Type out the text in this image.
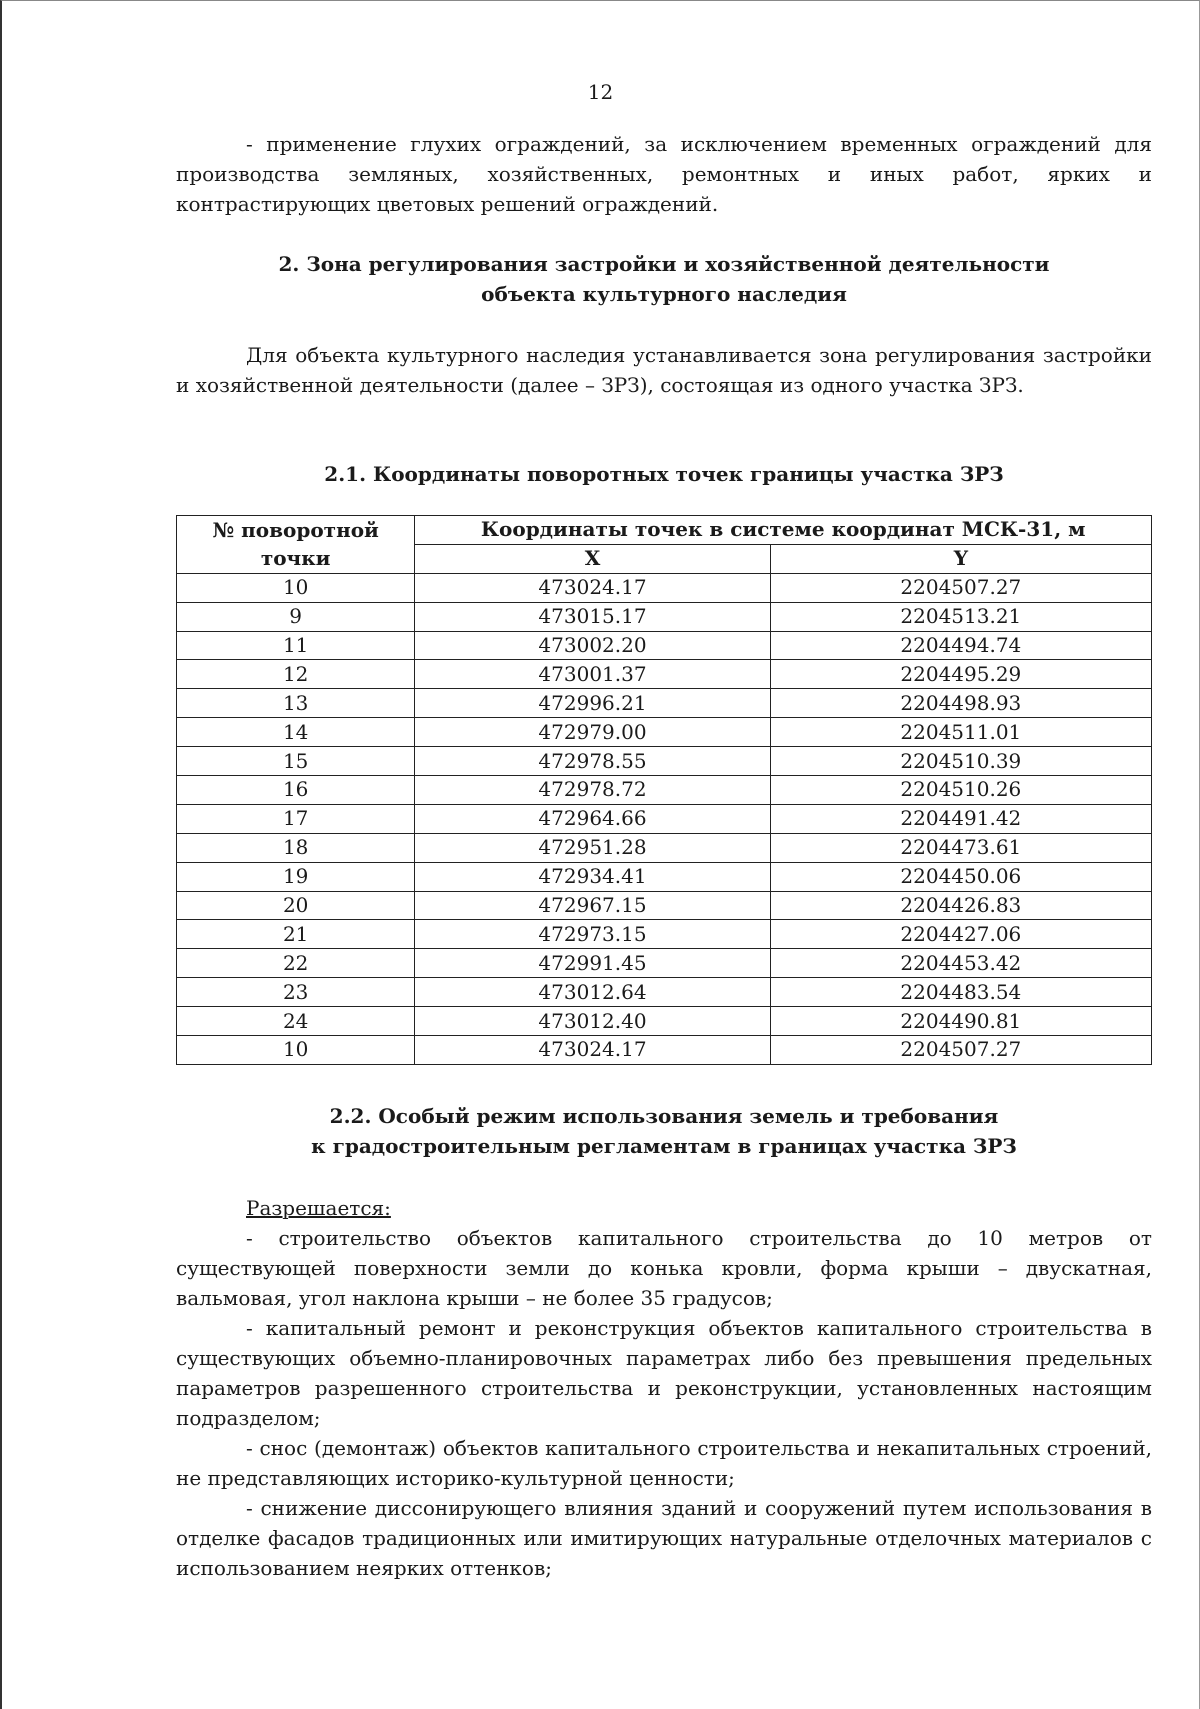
12

- применение глухих ограждений, за исключением временных ограждений для производства земляных, хозяйственных, ремонтных и иных работ, ярких и контрастирующих цветовых решений ограждений.

2. Зона регулирования застройки и хозяйственной деятельности

объекта культурного наследия

Для объекта культурного наследия устанавливается зона регулирования застройки и хозяйственной деятельности (далее – ЗРЗ), состоящая из одного участка ЗРЗ.

2.1. Координаты поворотных точек границы участка ЗРЗ

№ поворотной точки	Координаты точек в системе координат МСК-31, м	
	X	Y
10	473024.17	2204507.27
9	473015.17	2204513.21
11	473002.20	2204494.74
12	473001.37	2204495.29
13	472996.21	2204498.93
14	472979.00	2204511.01
15	472978.55	2204510.39
16	472978.72	2204510.26
17	472964.66	2204491.42
18	472951.28	2204473.61
19	472934.41	2204450.06
20	472967.15	2204426.83
21	472973.15	2204427.06
22	472991.45	2204453.42
23	473012.64	2204483.54
24	473012.40	2204490.81
10	473024.17	2204507.27

2.2. Особый режим использования земель и требования

к градостроительным регламентам в границах участка ЗРЗ

Разрешается:

- строительство объектов капитального строительства до 10 метров от существующей поверхности земли до конька кровли, форма крыши – двускатная, вальмовая, угол наклона крыши – не более 35 градусов;

- капитальный ремонт и реконструкция объектов капитального строительства в существующих объемно-планировочных параметрах либо без превышения предельных параметров разрешенного строительства и реконструкции, установленных настоящим подразделом;

- снос (демонтаж) объектов капитального строительства и некапитальных строений, не представляющих историко-культурной ценности;

- снижение диссонирующего влияния зданий и сооружений путем использования в отделке фасадов традиционных или имитирующих натуральные отделочных материалов с использованием неярких оттенков;
